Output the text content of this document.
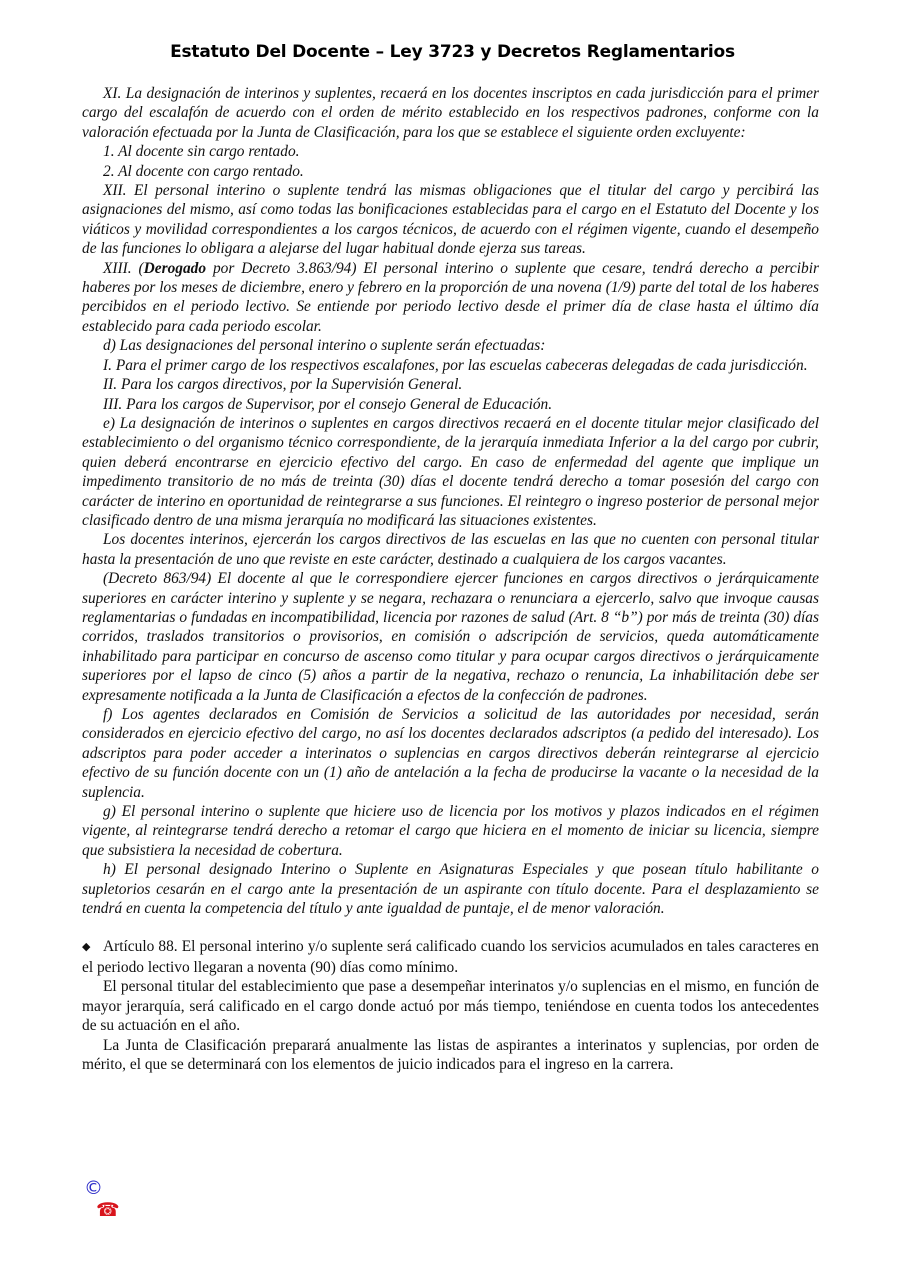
Estatuto Del Docente – Ley 3723 y Decretos Reglamentarios

XI. La designación de interinos y suplentes, recaerá en los docentes inscriptos en cada jurisdicción para el primer cargo del escalafón de acuerdo con el orden de mérito establecido en los respectivos padrones, conforme con la valoración efectuada por la Junta de Clasificación, para los que se establece el siguiente orden excluyente:

1. Al docente sin cargo rentado.

2. Al docente con cargo rentado.

XII. El personal interino o suplente tendrá las mismas obligaciones que el titular del cargo y percibirá las asignaciones del mismo, así como todas las bonificaciones establecidas para el cargo en el Estatuto del Docente y los viáticos y movilidad correspondientes a los cargos técnicos, de acuerdo con el régimen vigente, cuando el desempeño de las funciones lo obligara a alejarse del lugar habitual donde ejerza sus tareas.

XIII. (Derogado por Decreto 3.863/94) El personal interino o suplente que cesare, tendrá derecho a percibir haberes por los meses de diciembre, enero y febrero en la proporción de una novena (1/9) parte del total de los haberes percibidos en el periodo lectivo. Se entiende por periodo lectivo desde el primer día de clase hasta el último día establecido para cada periodo escolar.

d) Las designaciones del personal interino o suplente serán efectuadas:

I. Para el primer cargo de los respectivos escalafones, por las escuelas cabeceras delegadas de cada jurisdicción.

II. Para los cargos directivos, por la Supervisión General.

III. Para los cargos de Supervisor, por el consejo General de Educación.

e) La designación de interinos o suplentes en cargos directivos recaerá en el docente titular mejor clasificado del establecimiento o del organismo técnico correspondiente, de la jerarquía inmediata Inferior a la del cargo por cubrir, quien deberá encontrarse en ejercicio efectivo del cargo. En caso de enfermedad del agente que implique un impedimento transitorio de no más de treinta (30) días el docente tendrá derecho a tomar posesión del cargo con carácter de interino en oportunidad de reintegrarse a sus funciones. El reintegro o ingreso posterior de personal mejor clasificado dentro de una misma jerarquía no modificará las situaciones existentes.

Los docentes interinos, ejercerán los cargos directivos de las escuelas en las que no cuenten con personal titular hasta la presentación de uno que reviste en este carácter, destinado a cualquiera de los cargos vacantes.

(Decreto 863/94) El docente al que le correspondiere ejercer funciones en cargos directivos o jerárquicamente superiores en carácter interino y suplente y se negara, rechazara o renunciara a ejercerlo, salvo que invoque causas reglamentarias o fundadas en incompatibilidad, licencia por razones de salud (Art. 8 “b”) por más de treinta (30) días corridos, traslados transitorios o provisorios, en comisión o adscripción de servicios, queda automáticamente inhabilitado para participar en concurso de ascenso como titular y para ocupar cargos directivos o jerárquicamente superiores por el lapso de cinco (5) años a partir de la negativa, rechazo o renuncia, La inhabilitación debe ser expresamente notificada a la Junta de Clasificación a efectos de la confección de padrones.

f) Los agentes declarados en Comisión de Servicios a solicitud de las autoridades por necesidad, serán considerados en ejercicio efectivo del cargo, no así los docentes declarados adscriptos (a pedido del interesado). Los adscriptos para poder acceder a interinatos o suplencias en cargos directivos deberán reintegrarse al ejercicio efectivo de su función docente con un (1) año de antelación a la fecha de producirse la vacante o la necesidad de la suplencia.

g) El personal interino o suplente que hiciere uso de licencia por los motivos y plazos indicados en el régimen vigente, al reintegrarse tendrá derecho a retomar el cargo que hiciera en el momento de iniciar su licencia, siempre que subsistiera la necesidad de cobertura.

h) El personal designado Interino o Suplente en Asignaturas Especiales y que posean título habilitante o supletorios cesarán en el cargo ante la presentación de un aspirante con título docente. Para el desplazamiento se tendrá en cuenta la competencia del título y ante igualdad de puntaje, el de menor valoración.

◆ Artículo 88. El personal interino y/o suplente será calificado cuando los servicios acumulados en tales caracteres en el periodo lectivo llegaran a noventa (90) días como mínimo.

El personal titular del establecimiento que pase a desempeñar interinatos y/o suplencias en el mismo, en función de mayor jerarquía, será calificado en el cargo donde actuó por más tiempo, teniéndose en cuenta todos los antecedentes de su actuación en el año.

La Junta de Clasificación preparará anualmente las listas de aspirantes a interinatos y suplencias, por orden de mérito, el que se determinará con los elementos de juicio indicados para el ingreso en la carrera.

©
☎
